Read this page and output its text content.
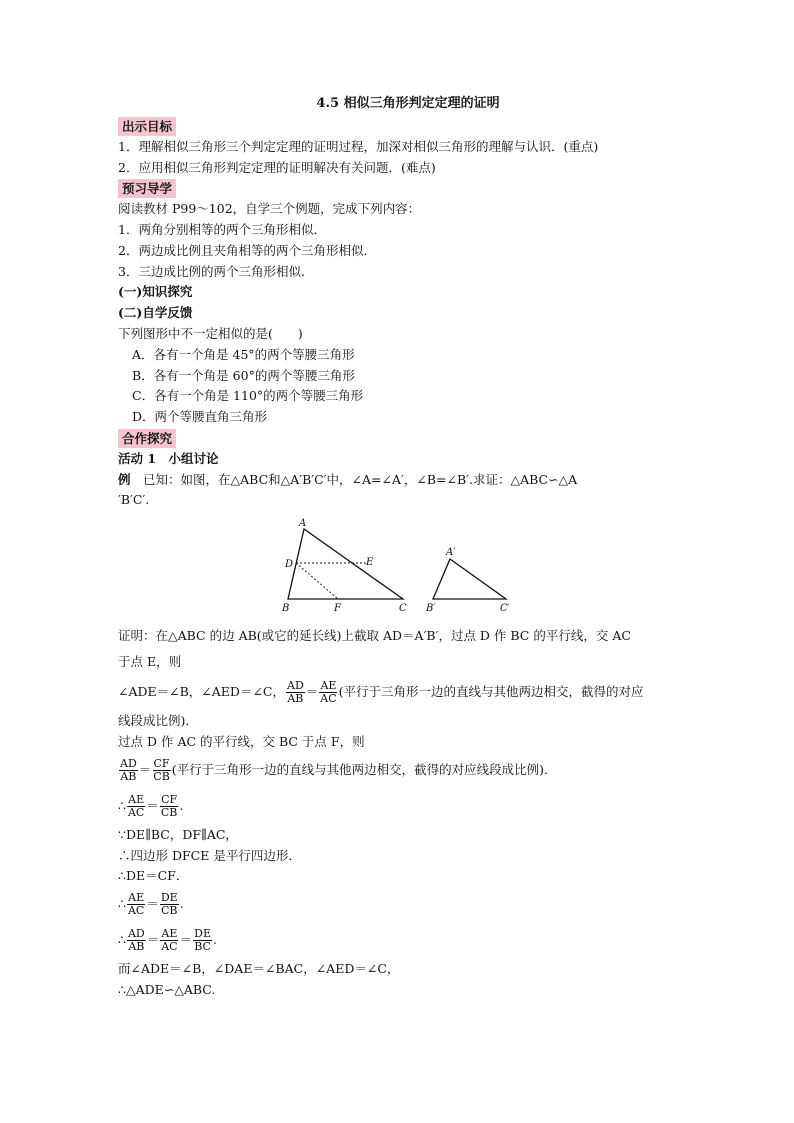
4.5 相似三角形判定定理的证明
出示目标
1．理解相似三角形三个判定定理的证明过程，加深对相似三角形的理解与认识．(重点)
2．应用相似三角形判定定理的证明解决有关问题．(难点)
预习导学
阅读教材 P99～102，自学三个例题，完成下列内容：
1．两角分别相等的两个三角形相似．
2．两边成比例且夹角相等的两个三角形相似．
3．三边成比例的两个三角形相似．
(一)知识探究
(二)自学反馈
下列图形中不一定相似的是(　　)
A．各有一个角是 45°的两个等腰三角形
B．各有一个角是 60°的两个等腰三角形
C．各有一个角是 110°的两个等腰三角形
D．两个等腰直角三角形
合作探究
活动 1　小组讨论
例　已知：如图，在△ABC和△A′B′C′中，∠A=∠A′，∠B=∠B′.求证：△ABC∽△A
′B′C′.
A
B	C
D	E
F
A′
B′	C′
证明：在△ABC 的边 AB(或它的延长线)上截取 AD＝A′B′，过点 D 作 BC 的平行线，交 AC
于点 E，则
∠ADE＝∠B，∠AED＝∠C， $\frac{AD}{AB} = \frac{AE}{AC}$ (平行于三角形一边的直线与其他两边相交，截得的对应
线段成比例)．
过点 D 作 AC 的平行线，交 BC 于点 F，则
$\frac{AD}{AB} = \frac{CF}{CB}$ (平行于三角形一边的直线与其他两边相交，截得的对应线段成比例)．
∴ $\frac{AE}{AC} = \frac{CF}{CB}$ .
∵DE∥BC，DF∥AC，
∴四边形 DFCE 是平行四边形．
∴DE＝CF．
∴ $\frac{AE}{AC} = \frac{DE}{CB}$ .
∴ $\frac{AD}{AB} = \frac{AE}{AC} = \frac{DE}{BC}$ .
而∠ADE＝∠B，∠DAE＝∠BAC，∠AED＝∠C，
∴△ADE∽△ABC.
